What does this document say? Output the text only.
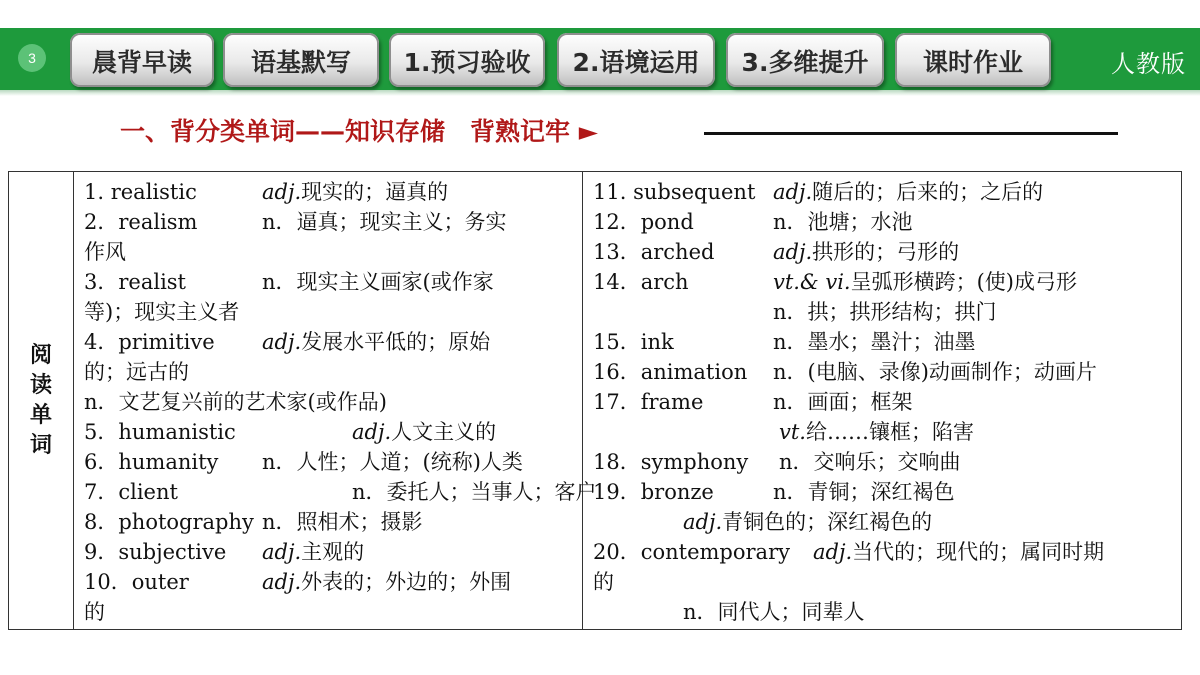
3 晨背早读 语基默写 1.预习验收 2.语境运用 3.多维提升 课时作业	人教版
一、背分类单词——知识存储　背熟记牢 ►
阅读单词

1. realistic	adj.现实的；逼真的
2．realism	n．逼真；现实主义；务实
作风
3．realist	n．现实主义画家(或作家
等)；现实主义者
4．primitive adj.发展水平低的；原始
的；远古的
n．文艺复兴前的艺术家(或作品)
5．humanistic	adj.人文主义的
6．humanity n．人性；人道；(统称)人类
7．client	n．委托人；当事人；客户
8．photography n．照相术；摄影
9．subjective adj.主观的
10．outer	adj.外表的；外边的；外围
的

11. subsequent adj.随后的；后来的；之后的
12．pond	n．池塘；水池
13．arched	adj.拱形的；弓形的
14．arch	vt.& vi.呈弧形横跨；(使)成弓形
n．拱；拱形结构；拱门
15．ink	n．墨水；墨汁；油墨
16．animation n．(电脑、录像)动画制作；动画片
17．frame	n．画面；框架
vt.给……镶框；陷害
18．symphony n．交响乐；交响曲
19．bronze	n．青铜；深红褐色
adj.青铜色的；深红褐色的
20．contemporary adj.当代的；现代的；属同时期
的
n．同代人；同辈人
